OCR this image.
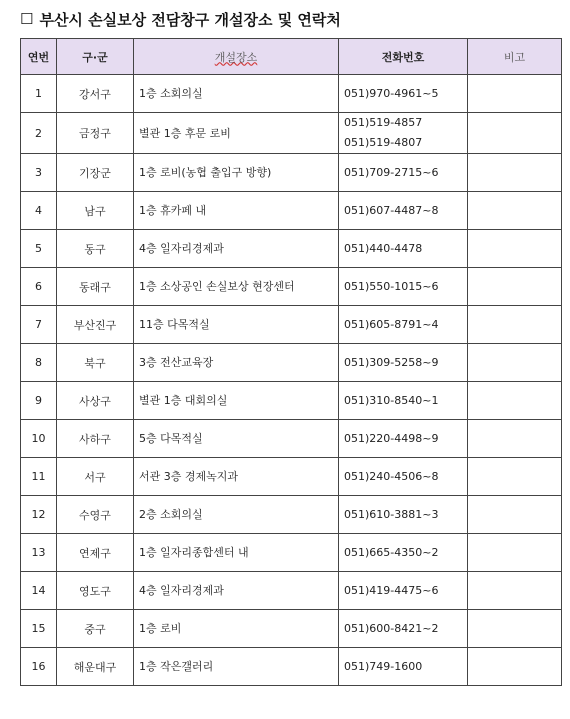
☐ 부산시 손실보상 전담창구 개설장소 및 연락처
연번	구·군	개설장소	전화번호	비고
1	강서구	1층 소회의실	051)970-4961~5	

2	금정구	별관 1층 후문 로비	051)519-4857
051)519-4807	

3	기장군	1층 로비(농협 출입구 방향)	051)709-2715~6	

4	남구	1층 휴카페 내	051)607-4487~8	

5	동구	4층 일자리경제과	051)440-4478	

6	동래구	1층 소상공인 손실보상 현장센터	051)550-1015~6	

7	부산진구	11층 다목적실	051)605-8791~4	

8	북구	3층 전산교육장	051)309-5258~9	

9	사상구	별관 1층 대회의실	051)310-8540~1	

10	사하구	5층 다목적실	051)220-4498~9	

11	서구	서관 3층 경제녹지과	051)240-4506~8	

12	수영구	2층 소회의실	051)610-3881~3	

13	연제구	1층 일자리종합센터 내	051)665-4350~2	

14	영도구	4층 일자리경제과	051)419-4475~6	

15	중구	1층 로비	051)600-8421~2	

16	해운대구	1층 작은갤러리	051)749-1600	
